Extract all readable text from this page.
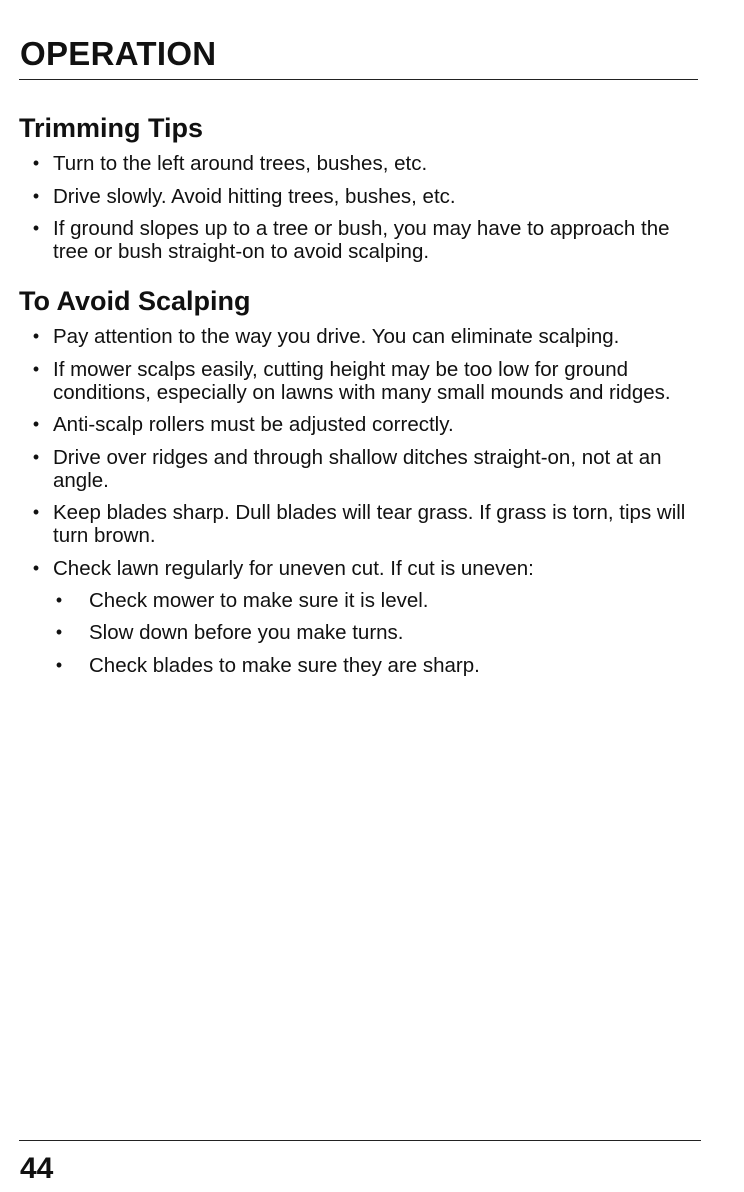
OPERATION
Trimming Tips
• Turn to the left around trees, bushes, etc.
• Drive slowly. Avoid hitting trees, bushes, etc.
• If ground slopes up to a tree or bush, you may have to approach the tree or bush straight-on to avoid scalping.
To Avoid Scalping
• Pay attention to the way you drive. You can eliminate scalping.
• If mower scalps easily, cutting height may be too low for ground conditions, especially on lawns with many small mounds and ridges.
• Anti-scalp rollers must be adjusted correctly.
• Drive over ridges and through shallow ditches straight-on, not at an angle.
• Keep blades sharp. Dull blades will tear grass. If grass is torn, tips will turn brown.
• Check lawn regularly for uneven cut. If cut is uneven:
• Check mower to make sure it is level.
• Slow down before you make turns.
• Check blades to make sure they are sharp.

44
